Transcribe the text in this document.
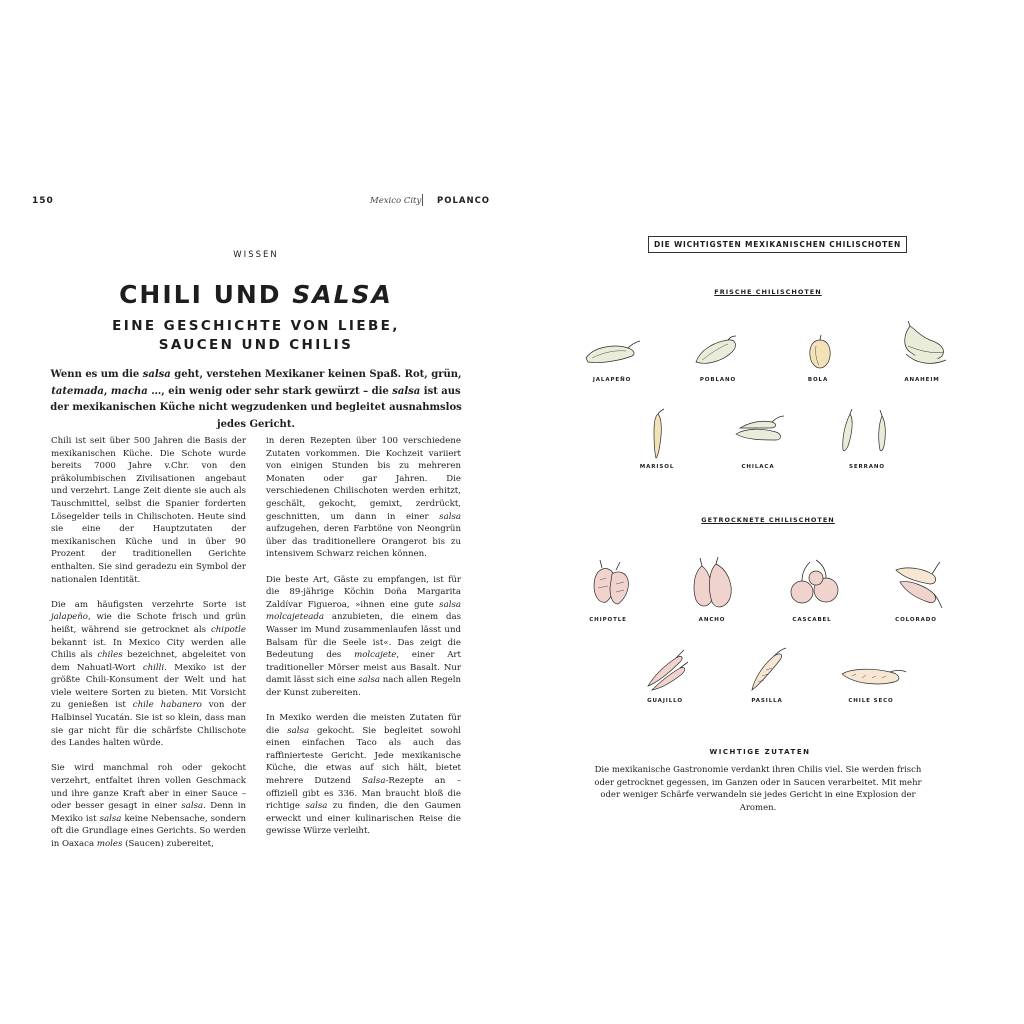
150	Mexico City POLANCO
WISSEN
CHILI UND SALSA
EINE GESCHICHTE VON LIEBE,
SAUCEN UND CHILIS
Wenn es um die salsa geht, verstehen Mexikaner keinen Spaß. Rot, grün, tatemada, macha …, ein wenig oder sehr stark gewürzt – die salsa ist aus der mexikanischen Küche nicht wegzudenken und begleitet ausnahmslos jedes Gericht.

Chili ist seit über 500 Jahren die Basis der mexikanischen Küche. Die Schote wurde bereits 7000 Jahre v.Chr. von den präkolumbischen Zivilisationen angebaut und verzehrt. Lange Zeit diente sie auch als Tauschmittel, selbst die Spanier forderten Lösegelder teils in Chilischoten. Heute sind sie eine der Hauptzutaten der mexikanischen Küche und in über 90 Prozent der traditionellen Gerichte enthalten. Sie sind geradezu ein Symbol der nationalen Identität.

Die am häufigsten verzehrte Sorte ist jalapeño, wie die Schote frisch und grün heißt, während sie getrocknet als chipotle bekannt ist. In Mexico City werden alle Chilis als chiles bezeichnet, abgeleitet von dem Nahuatl-Wort chilli. Mexiko ist der größte Chili-Konsument der Welt und hat viele weitere Sorten zu bieten. Mit Vorsicht zu genießen ist chile habanero von der Halbinsel Yucatán. Sie ist so klein, dass man sie gar nicht für die schärfste Chilischote des Landes halten würde.

Sie wird manchmal roh oder gekocht verzehrt, entfaltet ihren vollen Geschmack und ihre ganze Kraft aber in einer Sauce – oder besser gesagt in einer salsa. Denn in Mexiko ist salsa keine Nebensache, sondern oft die Grundlage eines Gerichts. So werden in Oaxaca moles (Saucen) zubereitet,

in deren Rezepten über 100 verschiedene Zutaten vorkommen. Die Kochzeit variiert von einigen Stunden bis zu mehreren Monaten oder gar Jahren. Die verschiedenen Chilischoten werden erhitzt, geschält, gekocht, gemixt, zerdrückt, geschnitten, um dann in einer salsa aufzugehen, deren Farbtöne von Neongrün über das traditionellere Orangerot bis zu intensivem Schwarz reichen können.

Die beste Art, Gäste zu empfangen, ist für die 89-jährige Köchin Doña Margarita Zaldívar Figueroa, »ihnen eine gute salsa molcajeteada anzubieten, die einem das Wasser im Mund zusammenlaufen lässt und Balsam für die Seele ist«. Das zeigt die Bedeutung des molcajete, einer Art traditioneller Mörser meist aus Basalt. Nur damit lässt sich eine salsa nach allen Regeln der Kunst zubereiten.

In Mexiko werden die meisten Zutaten für die salsa gekocht. Sie begleitet sowohl einen einfachen Taco als auch das raffinierteste Gericht. Jede mexikanische Küche, die etwas auf sich hält, bietet mehrere Dutzend Salsa-Rezepte an – offiziell gibt es 336. Man braucht bloß die richtige salsa zu finden, die den Gaumen erweckt und einer kulinarischen Reise die gewisse Würze verleiht.

DIE WICHTIGSTEN MEXIKANISCHEN CHILISCHOTEN
FRISCHE CHILISCHOTEN
GETROCKNETE CHILISCHOTEN
JALAPEÑO	POBLANO	BOLA	ANAHEIM
MARISOL	CHILACA	SERRANO
CHIPOTLE	ANCHO	CASCABEL	COLORADO
GUAJILLO	PASILLA	CHILE SECO
WICHTIGE ZUTATEN
Die mexikanische Gastronomie verdankt ihren Chilis viel. Sie werden frisch oder getrocknet gegessen, im Ganzen oder in Saucen verarbeitet. Mit mehr oder weniger Schärfe verwandeln sie jedes Gericht in eine Explosion der Aromen.
